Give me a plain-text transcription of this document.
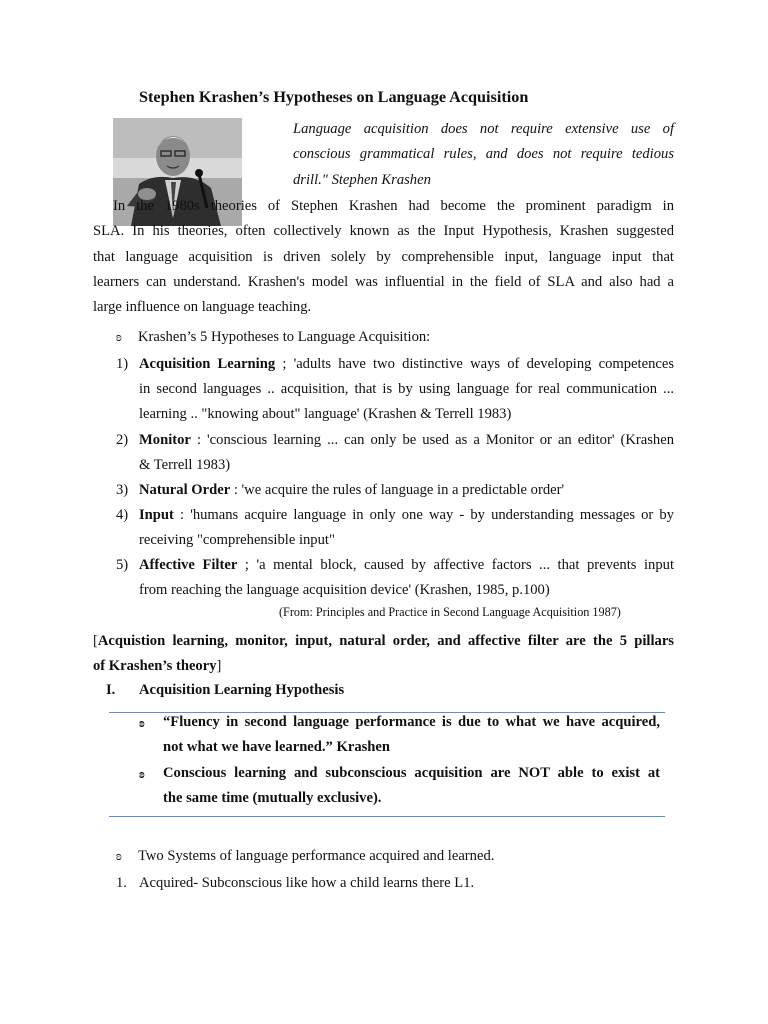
Stephen Krashen’s Hypotheses on Language Acquisition
Language acquisition does not require extensive use of
conscious grammatical rules, and does not require tedious
drill." Stephen Krashen
In the 1980s theories of Stephen Krashen had become the prominent paradigm in
SLA. In his theories, often collectively known as the Input Hypothesis, Krashen suggested
that language acquisition is driven solely by comprehensible input, language input that
learners can understand. Krashen's model was influential in the field of SLA and also had a
large influence on language teaching.
ʚ Krashen’s 5 Hypotheses to Language Acquisition:
1) Acquisition Learning ; 'adults have two distinctive ways of developing competences
in second languages .. acquisition, that is by using language for real communication ...
learning .. "knowing about" language' (Krashen & Terrell 1983)
2) Monitor : 'conscious learning ... can only be used as a Monitor or an editor' (Krashen
& Terrell 1983)
3) Natural Order : 'we acquire the rules of language in a predictable order'
4) Input : 'humans acquire language in only one way - by understanding messages or by
receiving "comprehensible input"
5) Affective Filter ; 'a mental block, caused by affective factors ... that prevents input
from reaching the language acquisition device' (Krashen, 1985, p.100)
(From: Principles and Practice in Second Language Acquisition 1987)
[Acquistion learning, monitor, input, natural order, and affective filter are the 5 pillars
of Krashen’s theory]
I. Acquisition Learning Hypothesis
ʚ	“Fluency in second language performance is due to what we have acquired,
not what we have learned.” Krashen
ʚ	Conscious learning and subconscious acquisition are NOT able to exist at
the same time (mutually exclusive).
ʚ Two Systems of language performance acquired and learned.
1. Acquired- Subconscious like how a child learns there L1.
